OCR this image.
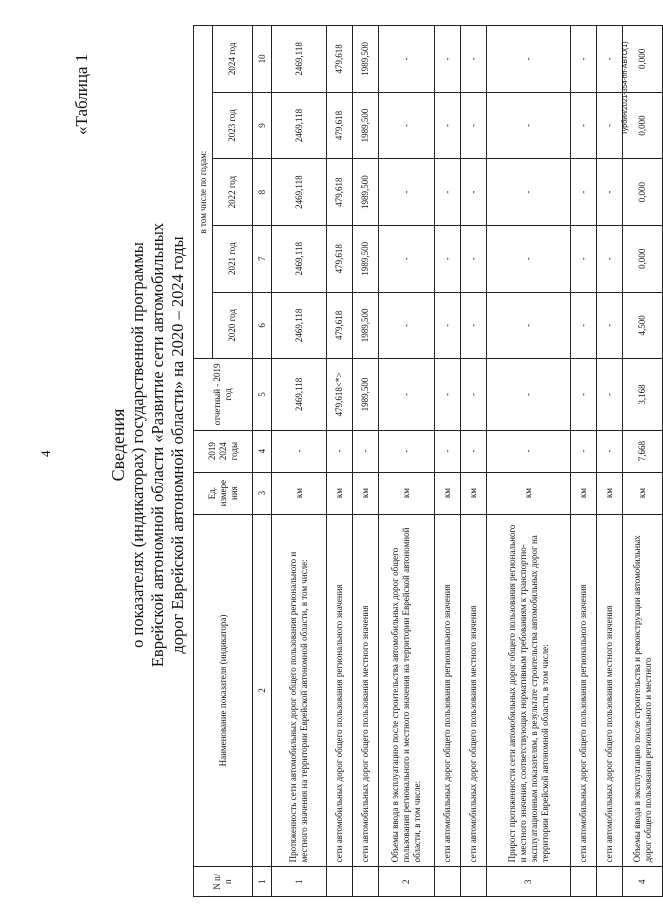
4
«Таблица 1
Сведения о показателях (индикаторах) государственной программы Еврейской автономной области «Развитие сети автомобильных дорог Еврейской автономной области» на 2020 – 2024 годы
N п/п	Наименование показателя (индикатора)	Ед. измере ния	2019 2024 годы	отчетный - 2019 год	в том числе по годам:				
					2020 год	2021 год	2022 год	2023 год	2024 год
1	2	3	4	5	6	7	8	9	10
1	Протяженность сети автомобильных дорог общего пользования регионального и местного значения на территории Еврейской автономной области, в том числе:	км	-	2469,118	2469,118	2469,118	2469,118	2469,118	2469,118
	сети автомобильных дорог общего пользования регионального значения	км	-	479,618<*>	479,618	479,618	479,618	479,618	479,618
	сети автомобильных дорог общего пользования местного значения	км	-	1989,500	1989,500	1989,500	1989,500	1989,500	1989,500
2	Объемы ввода в эксплуатацию после строительства автомобильных дорог общего пользования регионального и местного значения на территории Еврейской автономной области, в том числе:	км	-	-	-	-	-	-	-
	сети автомобильных дорог общего пользования регионального значения	км	-	-	-	-	-	-	-
	сети автомобильных дорог общего пользования местного значения	км	-	-	-	-	-	-	-
3	Прирост протяженности сети автомобильных дорог общего пользования регионального и местного значения, соответствующих нормативным требованиям к транспортно-эксплуатационным показателям, в результате строительства автомобильных дорог на территории Еврейской автономной области, в том числе:	км	-	-	-	-	-	-	-
	сети автомобильных дорог общего пользования регионального значения	км	-	-	-	-	-	-	-
	сети автомобильных дорог общего пользования местного значения	км	-	-	-	-	-	-	-
4	Объемы ввода в эксплуатацию после строительства и реконструкции автомобильных дорог общего пользования регионального и местного	км	7,668	3,168	4,500	0,000	0,000	0,000	0,000
Турбин/2021-354-пп-АВТО(1)
